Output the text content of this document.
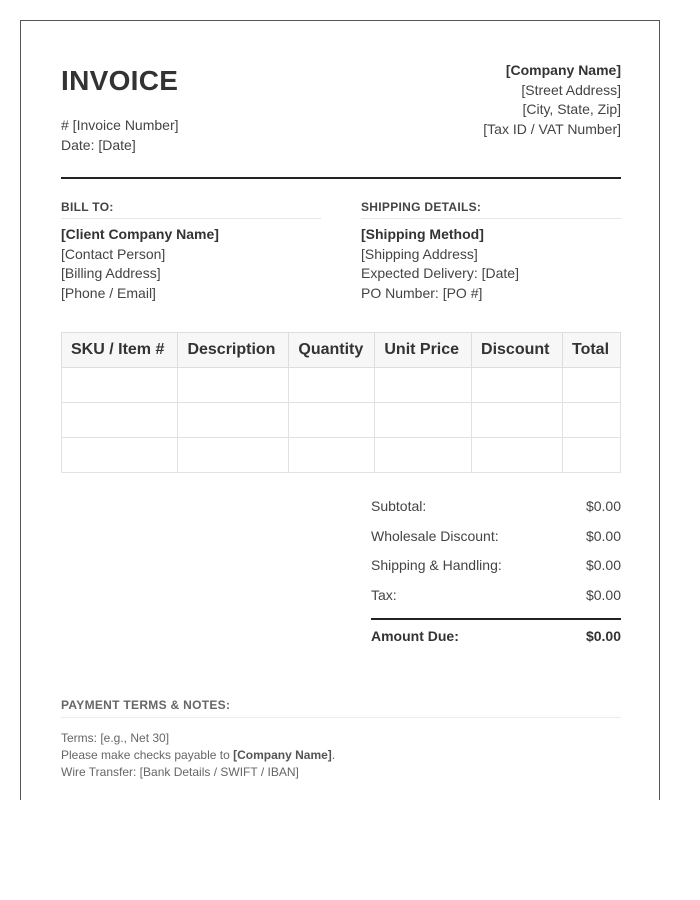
INVOICE
# [Invoice Number]
Date: [Date]
[Company Name]
[Street Address]
[City, State, Zip]
[Tax ID / VAT Number]
BILL TO:
[Client Company Name]
[Contact Person]
[Billing Address]
[Phone / Email]
SHIPPING DETAILS:
[Shipping Method]
[Shipping Address]
Expected Delivery: [Date]
PO Number: [PO #]
SKU / Item #	Description	Quantity	Unit Price	Discount	Total

Subtotal:	$0.00
Wholesale Discount:	$0.00
Shipping & Handling:	$0.00
Tax:	$0.00
Amount Due:	$0.00
PAYMENT TERMS & NOTES:
Terms: [e.g., Net 30]
Please make checks payable to [Company Name].
Wire Transfer: [Bank Details / SWIFT / IBAN]
